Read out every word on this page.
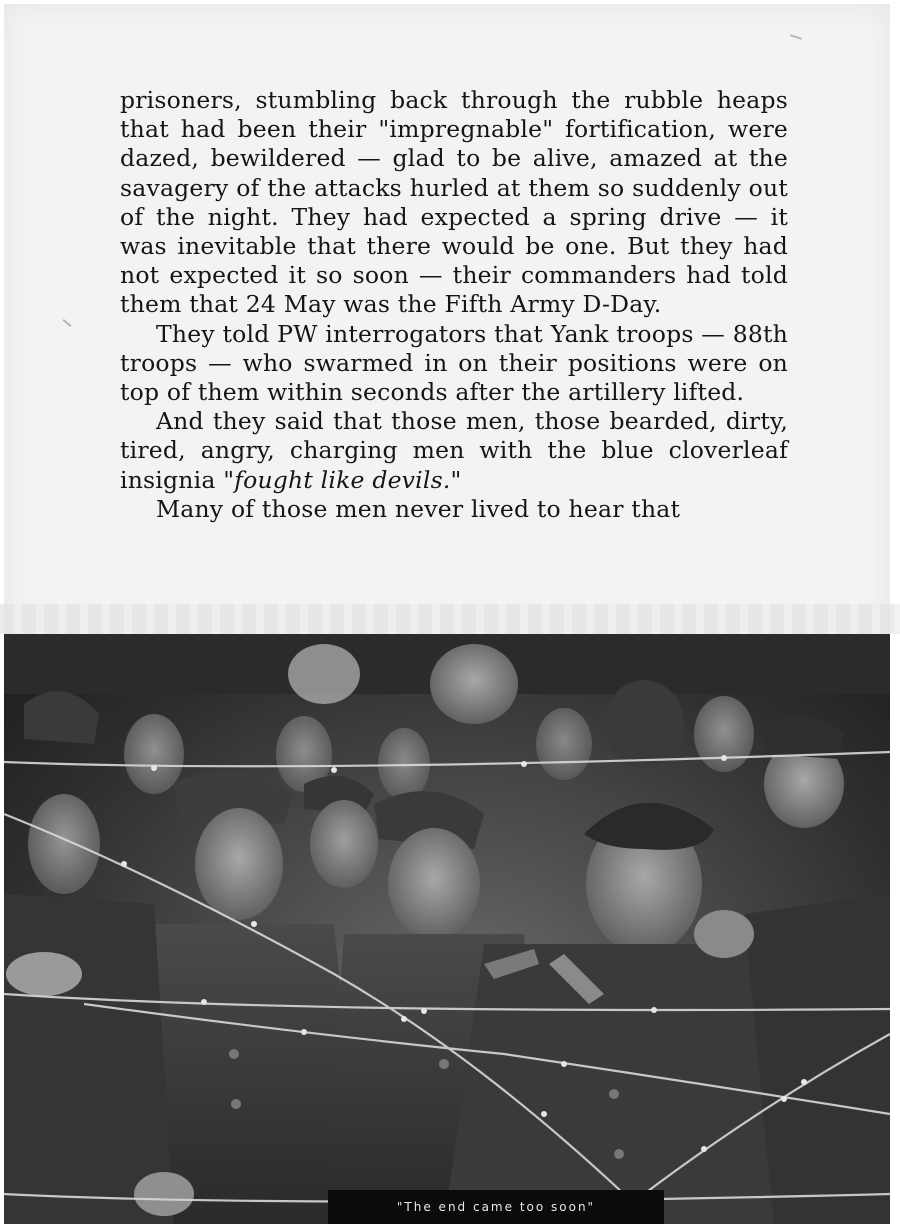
prisoners, stumbling back through the rubble heaps that had been their "impregnable" fortification, were dazed, bewildered — glad to be alive, amazed at the savagery of the attacks hurled at them so suddenly out of the night. They had expected a spring drive — it was inevitable that there would be one. But they had not expected it so soon — their commanders had told them that 24 May was the Fifth Army D-Day.

They told PW interrogators that Yank troops — 88th troops — who swarmed in on their positions were on top of them within seconds after the artillery lifted.

And they said that those men, those bearded, dirty, tired, angry, charging men with the blue cloverleaf insignia "fought like devils."

Many of those men never lived to hear that

"The end came too soon"
